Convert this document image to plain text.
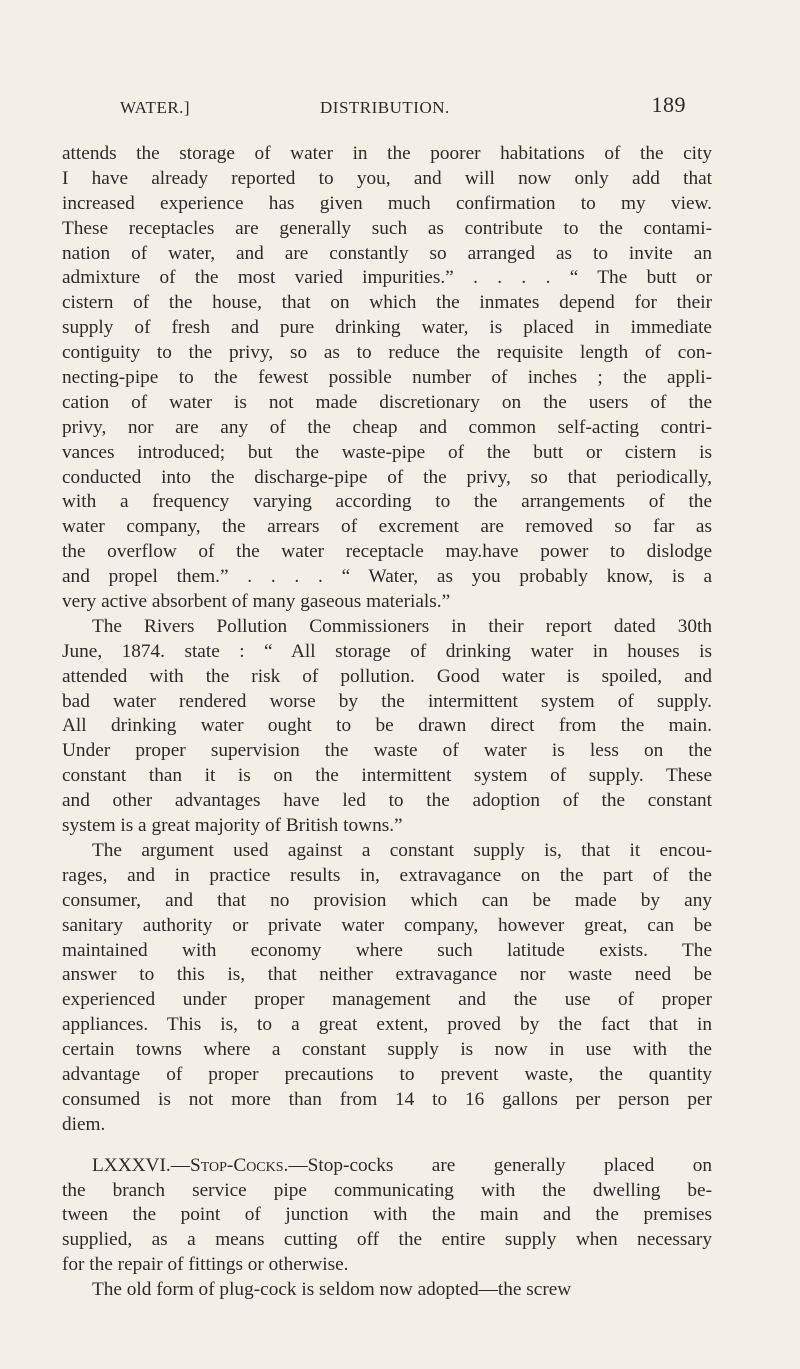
WATER.]	DISTRIBUTION.	189
attends the storage of water in the poorer habitations of the city
I have already reported to you, and will now only add that
increased experience has given much confirmation to my view.
These receptacles are generally such as contribute to the contami-
nation of water, and are constantly so arranged as to invite an
admixture of the most varied impurities.” . . . . “ The butt or
cistern of the house, that on which the inmates depend for their
supply of fresh and pure drinking water, is placed in immediate
contiguity to the privy, so as to reduce the requisite length of con-
necting-pipe to the fewest possible number of inches ; the appli-
cation of water is not made discretionary on the users of the
privy, nor are any of the cheap and common self-acting contri-
vances introduced; but the waste-pipe of the butt or cistern is
conducted into the discharge-pipe of the privy, so that periodically,
with a frequency varying according to the arrangements of the
water company, the arrears of excrement are removed so far as
the overflow of the water receptacle may.have power to dislodge
and propel them.” . . . . “ Water, as you probably know, is a
very active absorbent of many gaseous materials.”
The Rivers Pollution Commissioners in their report dated 30th
June, 1874. state : “ All storage of drinking water in houses is
attended with the risk of pollution. Good water is spoiled, and
bad water rendered worse by the intermittent system of supply.
All drinking water ought to be drawn direct from the main.
Under proper supervision the waste of water is less on the
constant than it is on the intermittent system of supply. These
and other advantages have led to the adoption of the constant
system is a great majority of British towns.”
The argument used against a constant supply is, that it encou-
rages, and in practice results in, extravagance on the part of the
consumer, and that no provision which can be made by any
sanitary authority or private water company, however great, can be
maintained with economy where such latitude exists. The
answer to this is, that neither extravagance nor waste need be
experienced under proper management and the use of proper
appliances. This is, to a great extent, proved by the fact that in
certain towns where a constant supply is now in use with the
advantage of proper precautions to prevent waste, the quantity
consumed is not more than from 14 to 16 gallons per person per
diem.
LXXXVI.—Stop-Cocks.—Stop-cocks are generally placed on
the branch service pipe communicating with the dwelling be-
tween the point of junction with the main and the premises
supplied, as a means cutting off the entire supply when necessary
for the repair of fittings or otherwise.
The old form of plug-cock is seldom now adopted—the screw
